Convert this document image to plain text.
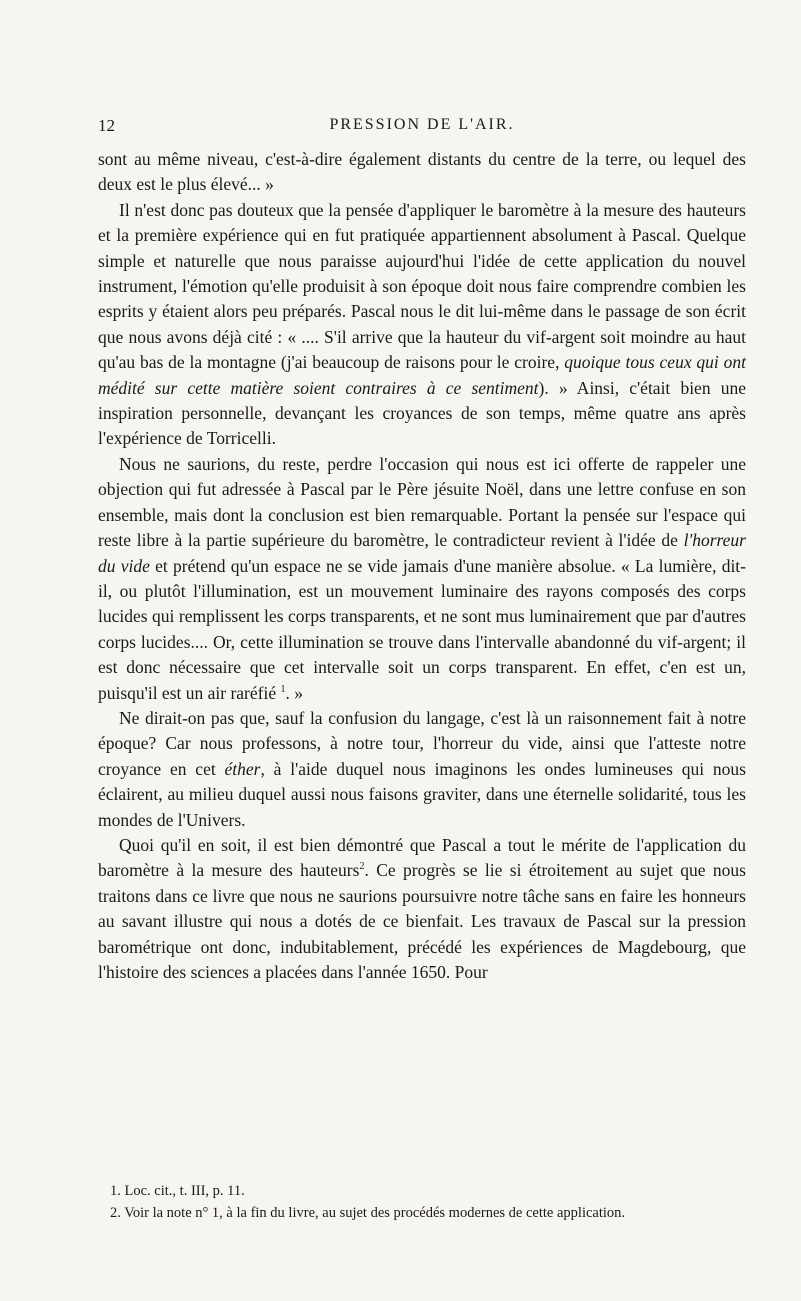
12	PRESSION DE L'AIR.

sont au même niveau, c'est-à-dire également distants du centre de la terre, ou lequel des deux est le plus élevé... »

Il n'est donc pas douteux que la pensée d'appliquer le baromètre à la mesure des hauteurs et la première expérience qui en fut pratiquée appartiennent absolument à Pascal. Quelque simple et naturelle que nous paraisse aujourd'hui l'idée de cette application du nouvel instrument, l'émotion qu'elle produisit à son époque doit nous faire comprendre combien les esprits y étaient alors peu préparés. Pascal nous le dit lui-même dans le passage de son écrit que nous avons déjà cité : « .... S'il arrive que la hauteur du vif-argent soit moindre au haut qu'au bas de la montagne (j'ai beaucoup de raisons pour le croire, quoique tous ceux qui ont médité sur cette matière soient contraires à ce sentiment). » Ainsi, c'était bien une inspiration personnelle, devançant les croyances de son temps, même quatre ans après l'expérience de Torricelli.

Nous ne saurions, du reste, perdre l'occasion qui nous est ici offerte de rappeler une objection qui fut adressée à Pascal par le Père jésuite Noël, dans une lettre confuse en son ensemble, mais dont la conclusion est bien remarquable. Portant la pensée sur l'espace qui reste libre à la partie supérieure du baromètre, le contradicteur revient à l'idée de l'horreur du vide et prétend qu'un espace ne se vide jamais d'une manière absolue. « La lumière, dit-il, ou plutôt l'illumination, est un mouvement luminaire des rayons composés des corps lucides qui remplissent les corps transparents, et ne sont mus luminairement que par d'autres corps lucides.... Or, cette illumination se trouve dans l'intervalle abandonné du vif-argent; il est donc nécessaire que cet intervalle soit un corps transparent. En effet, c'en est un, puisqu'il est un air raréfié $^1$. »

Ne dirait-on pas que, sauf la confusion du langage, c'est là un raisonnement fait à notre époque? Car nous professons, à notre tour, l'horreur du vide, ainsi que l'atteste notre croyance en cet éther, à l'aide duquel nous imaginons les ondes lumineuses qui nous éclairent, au milieu duquel aussi nous faisons graviter, dans une éternelle solidarité, tous les mondes de l'Univers.

Quoi qu'il en soit, il est bien démontré que Pascal a tout le mérite de l'application du baromètre à la mesure des hauteurs$^2$. Ce progrès se lie si étroitement au sujet que nous traitons dans ce livre que nous ne saurions poursuivre notre tâche sans en faire les honneurs au savant illustre qui nous a dotés de ce bienfait. Les travaux de Pascal sur la pression barométrique ont donc, indubitablement, précédé les expériences de Magdebourg, que l'histoire des sciences a placées dans l'année 1650. Pour

1. Loc. cit., t. III, p. 11.

2. Voir la note n° 1, à la fin du livre, au sujet des procédés modernes de cette application.
